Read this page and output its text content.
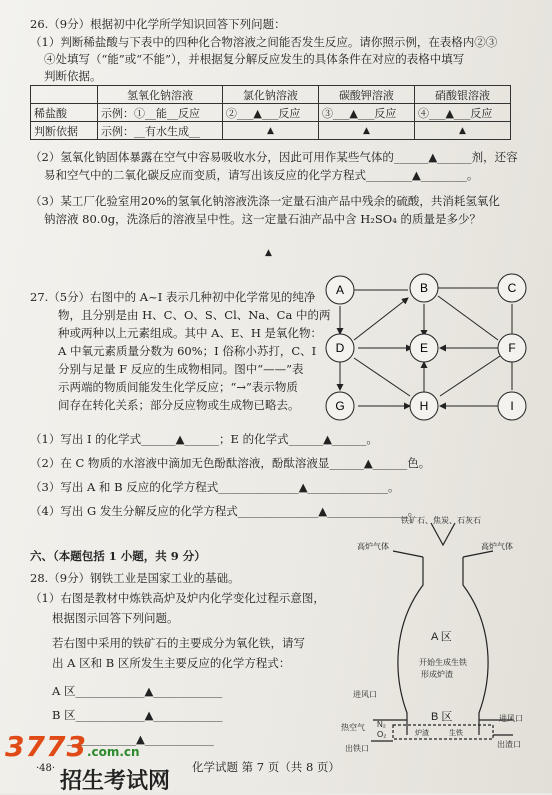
26.（9分）根据初中化学所学知识回答下列问题：
（1）判断稀盐酸与下表中的四种化合物溶液之间能否发生反应。请你照示例，在表格内②③
④处填写（“能”或“不能”），并根据复分解反应发生的具体条件在对应的表格中填写
判断依据。
	氢氧化钠溶液	氯化钠溶液	碳酸钾溶液	硝酸银溶液
稀盐酸	示例：①__能__反应	②___▲___反应	③___▲___反应	④___▲___反应
判断依据	示例：__有水生成__	▲	▲	▲
（2）氢氧化钠固体暴露在空气中容易吸收水分，因此可用作某些气体的______▲______剂，还容
易和空气中的二氧化碳反应而变质，请写出该反应的化学方程式________▲________。
（3）某工厂化验室用20%的氢氧化钠溶液洗涤一定量石油产品中残余的硫酸，共消耗氢氧化
钠溶液 80.0g，洗涤后的溶液呈中性。这一定量石油产品中含 H₂SO₄ 的质量是多少？
▲
27.（5分）右图中的 A~I 表示几种初中化学常见的纯净
物，且分别是由 H、C、O、S、Cl、Na、Ca 中的两
种或两种以上元素组成。其中 A、E、H 是氧化物：
A 中氧元素质量分数为 60%；I 俗称小苏打，C、I
分别与足量 F 反应的生成物相同。图中“——”表
示两端的物质间能发生化学反应；“→”表示物质
间存在转化关系；部分反应物或生成物已略去。
（1）写出 I 的化学式______▲______；E 的化学式______▲______。
（2）在 C 物质的水溶液中滴加无色酚酞溶液，酚酞溶液显______▲______色。
（3）写出 A 和 B 反应的化学方程式______________▲______________。
（4）写出 G 发生分解反应的化学方程式______________▲______________。
A	B	C
D	E	F
G	H	I
六、（本题包括 1 小题，共 9 分）
28.（9分）钢铁工业是国家工业的基础。
（1）右图是教材中炼铁高炉及炉内化学变化过程示意图，
根据图示回答下列问题。
若右图中采用的铁矿石的主要成分为氧化铁，请写
出 A 区和 B 区所发生主要反应的化学方程式：
A 区____________▲____________
B 区____________▲____________
____________▲____________
铁矿石、焦炭、石灰石
高炉气体	高炉气体
A 区
开始生成生铁
形成炉渣
B 区
进风口
进风口
热空气 N₂
O₂	炉渣	生铁
出铁口	出渣口
·48·	化学试题 第 7 页（共 8 页）
3773.com.cn
招生考试网
